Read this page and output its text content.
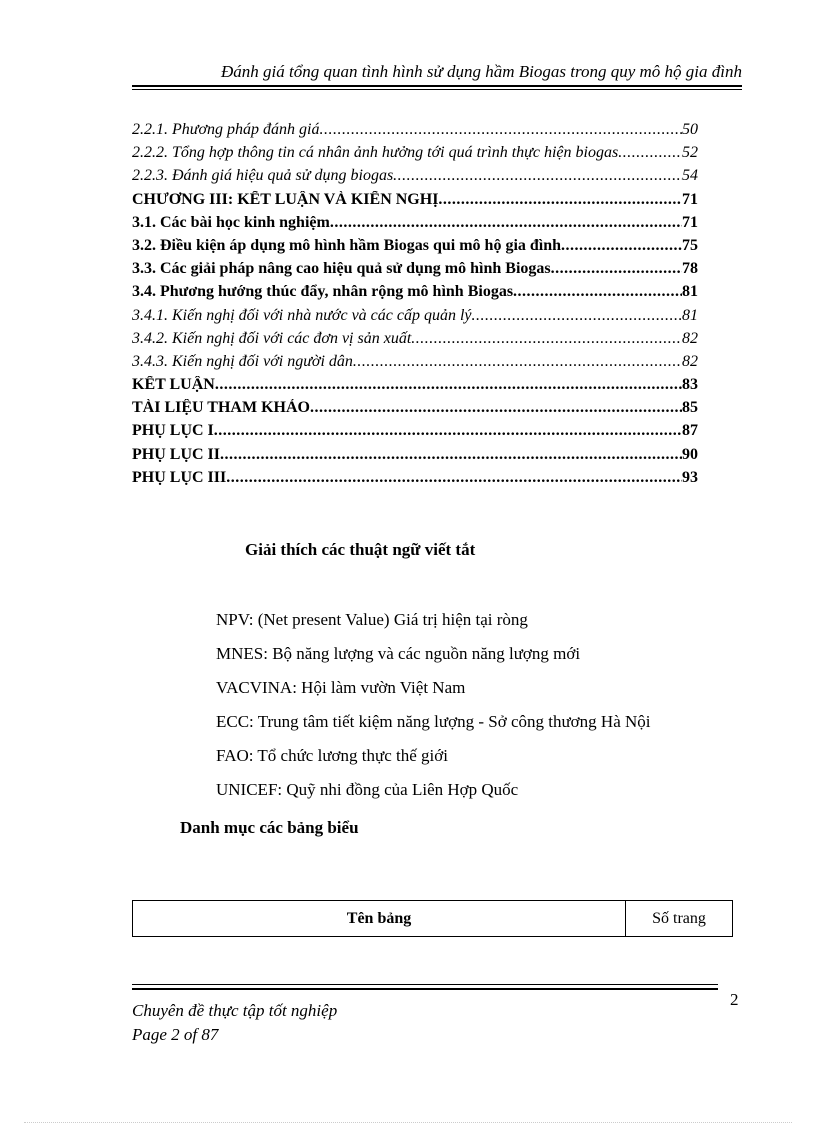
Đánh giá tổng quan tình hình sử dụng hầm Biogas trong quy mô hộ gia đình
2.2.1. Phương pháp đánh giá .....	50
2.2.2. Tổng hợp thông tin cá nhân ảnh hưởng tới quá trình thực hiện biogas .....	52
2.2.3. Đánh giá hiệu quả sử dụng biogas .....	54
CHƯƠNG III: KẾT LUẬN VÀ KIẾN NGHỊ .....	71
3.1. Các bài học kinh nghiệm .....	71
3.2. Điều kiện áp dụng mô hình hầm Biogas qui mô hộ gia đình .....	75
3.3. Các giải pháp nâng cao hiệu quả sử dụng mô hình Biogas .....	78
3.4. Phương hướng thúc đẩy, nhân rộng mô hình Biogas .....	81
3.4.1. Kiến nghị đối với nhà nước và các cấp quản lý .....	81
3.4.2. Kiến nghị đối với các đơn vị sản xuất .....	82
3.4.3. Kiến nghị đối với người dân .....	82
KẾT LUẬN .....	83
TÀI LIỆU THAM KHẢO .....	85
PHỤ LỤC I .....	87
PHỤ LỤC II .....	90
PHỤ LỤC III .....	93
Giải thích các thuật ngữ viết tắt
NPV: (Net present Value) Giá trị hiện tại ròng
MNES: Bộ năng lượng và các nguồn năng lượng mới
VACVINA: Hội làm vườn Việt Nam
ECC: Trung tâm tiết kiệm năng lượng - Sở công thương Hà Nội
FAO: Tổ chức lương thực thế giới
UNICEF: Quỹ nhi đồng của Liên Hợp Quốc
Danh mục các bảng biểu
Tên bảng	Số trang
2
Chuyên đề thực tập tốt nghiệp
Page 2 of 87
